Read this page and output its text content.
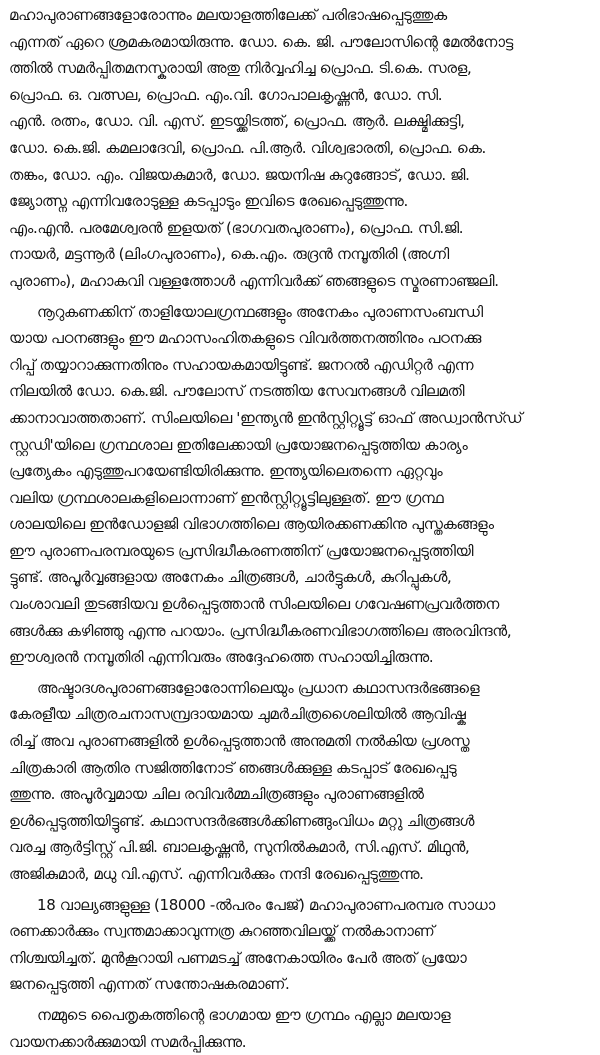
മഹാപുരാണങ്ങളോരോന്നും മലയാളത്തിലേക്ക് പരിഭാഷപ്പെടുത്തുക
എന്നത് ഏറെ ശ്രമകരമായിരുന്നു. ഡോ. കെ. ജി. പൗലോസിന്റെ മേൽനോട്ട
ത്തിൽ സമർപ്പിതമനസ്കരായി അതു നിർവ്വഹിച്ച പ്രൊഫ. ടി.കെ. സരള,
പ്രൊഫ. ഒ. വത്സല, പ്രൊഫ. എം.വി. ഗോപാലകൃഷ്ണൻ, ഡോ. സി.
എൻ. രത്നം, ഡോ. വി. എസ്. ഇടയ്ക്കിടത്ത്, പ്രൊഫ. ആർ. ലക്ഷ്മിക്കുട്ടി,
ഡോ. കെ.ജി. കമലാദേവി, പ്രൊഫ. പി.ആർ. വിശ്വഭാരതി, പ്രൊഫ. കെ.
തങ്കം, ഡോ. എം. വിജയകുമാർ, ഡോ. ജയനിഷ കുറുങ്ങോട്, ഡോ. ജി.
ജ്യോത്സ്ന എന്നിവരോടുള്ള കടപ്പാടും ഇവിടെ രേഖപ്പെടുത്തുന്നു.
എം.എൻ. പരമേശ്വരൻ ഇളയത് (ഭാഗവതപുരാണം), പ്രൊഫ. സി.ജി.
നായർ, മട്ടന്നൂർ (ലിംഗപുരാണം), കെ.എം. രുദ്രൻ നമ്പൂതിരി (അഗ്നി
പുരാണം), മഹാകവി വള്ളത്തോൾ എന്നിവർക്ക് ഞങ്ങളുടെ സ്മരണാഞ്ജലി.
നൂറുകണക്കിന് താളിയോലഗ്രന്ഥങ്ങളും അനേകം പുരാണസംബന്ധി
യായ പഠനങ്ങളും ഈ മഹാസംഹിതകളുടെ വിവർത്തനത്തിനും പഠനക്കു
റിപ്പ് തയ്യാറാക്കുന്നതിനും സഹായകമായിട്ടുണ്ട്. ജനറൽ എഡിറ്റർ എന്ന
നിലയിൽ ഡോ. കെ.ജി. പൗലോസ് നടത്തിയ സേവനങ്ങൾ വിലമതി
ക്കാനാവാത്തതാണ്. സിംലയിലെ 'ഇന്ത്യൻ ഇൻസ്റ്റിറ്റ്യൂട്ട് ഓഫ് അഡ്വാൻസ്ഡ്
സ്റ്റഡി'യിലെ ഗ്രന്ഥശാല ഇതിലേക്കായി പ്രയോജനപ്പെടുത്തിയ കാര്യം
പ്രത്യേകം എടുത്തുപറയേണ്ടിയിരിക്കുന്നു. ഇന്ത്യയിലെതന്നെ ഏറ്റവും
വലിയ ഗ്രന്ഥശാലകളിലൊന്നാണ് ഇൻസ്റ്റിറ്റ്യൂട്ടിലുള്ളത്. ഈ ഗ്രന്ഥ
ശാലയിലെ ഇൻഡോളജി വിഭാഗത്തിലെ ആയിരക്കണക്കിനു പുസ്തകങ്ങളും
ഈ പുരാണപരമ്പരയുടെ പ്രസിദ്ധീകരണത്തിന് പ്രയോജനപ്പെടുത്തിയി
ട്ടുണ്ട്. അപൂർവ്വങ്ങളായ അനേകം ചിത്രങ്ങൾ, ചാർട്ടുകൾ, കുറിപ്പുകൾ,
വംശാവലി തുടങ്ങിയവ ഉൾപ്പെടുത്താൻ സിംലയിലെ ഗവേഷണപ്രവർത്തന
ങ്ങൾക്കു കഴിഞ്ഞു എന്നു പറയാം. പ്രസിദ്ധീകരണവിഭാഗത്തിലെ അരവിന്ദൻ,
ഈശ്വരൻ നമ്പൂതിരി എന്നിവരും അദ്ദേഹത്തെ സഹായിച്ചിരുന്നു.
അഷ്ടാദശപുരാണങ്ങളോരോന്നിലെയും പ്രധാന കഥാസന്ദർഭങ്ങളെ
കേരളീയ ചിത്രരചനാസമ്പ്രദായമായ ചുമർചിത്രശൈലിയിൽ ആവിഷ്ക
രിച്ച് അവ പുരാണങ്ങളിൽ ഉൾപ്പെടുത്താൻ അനുമതി നൽകിയ പ്രശസ്ത
ചിത്രകാരി ആതിര സജിത്തിനോട് ഞങ്ങൾക്കുള്ള കടപ്പാട് രേഖപ്പെടു
ത്തുന്നു. അപൂർവ്വമായ ചില രവിവർമ്മചിത്രങ്ങളും പുരാണങ്ങളിൽ
ഉൾപ്പെടുത്തിയിട്ടുണ്ട്. കഥാസന്ദർഭങ്ങൾക്കിണങ്ങുംവിധം മറ്റു ചിത്രങ്ങൾ
വരച്ച ആർട്ടിസ്റ്റ് പി.ജി. ബാലകൃഷ്ണൻ, സുനിൽകുമാർ, സി.എസ്. മിഥുൻ,
അജികുമാർ, മധു വി.എസ്. എന്നിവർക്കും നന്ദി രേഖപ്പെടുത്തുന്നു.
18 വാല്യങ്ങളുള്ള (18000 -ൽപരം പേജ്) മഹാപുരാണപരമ്പര സാധാ
രണക്കാർക്കും സ്വന്തമാക്കാവുന്നത്ര കുറഞ്ഞവിലയ്ക്ക് നൽകാനാണ്
നിശ്ചയിച്ചത്. മുൻകൂറായി പണമടച്ച് അനേകായിരം പേർ അത് പ്രയോ
ജനപ്പെടുത്തി എന്നത് സന്തോഷകരമാണ്.
നമ്മുടെ പൈതൃകത്തിന്റെ ഭാഗമായ ഈ ഗ്രന്ഥം എല്ലാ മലയാള
വായനക്കാർക്കുമായി സമർപ്പിക്കുന്നു.
